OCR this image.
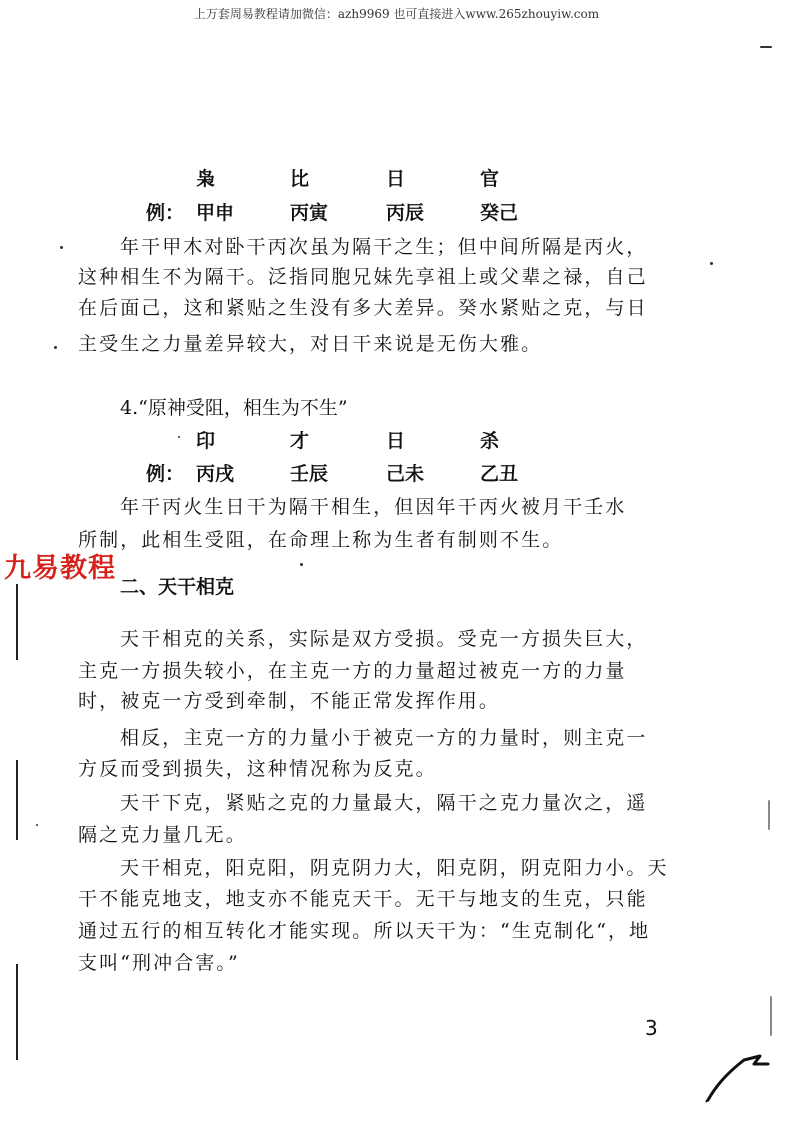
上万套周易教程请加微信：azh9969 也可直接进入www.265zhouyiw.com
枭	比	日	官
例： 甲申	丙寅	丙辰	癸己
年干甲木对卧干丙次虽为隔干之生；但中间所隔是丙火，
这种相生不为隔干。泛指同胞兄妹先享祖上或父辈之禄，自己
在后面己，这和紧贴之生没有多大差异。癸水紧贴之克，与日
主受生之力量差异较大，对日干来说是无伤大雅。
4.“原神受阻，相生为不生”
印	才	日	杀
例： 丙戌	壬辰	己未	乙丑
年干丙火生日干为隔干相生，但因年干丙火被月干壬水
所制，此相生受阻，在命理上称为生者有制则不生。
九易教程
二、天干相克
天干相克的关系，实际是双方受损。受克一方损失巨大，
主克一方损失较小，在主克一方的力量超过被克一方的力量
时，被克一方受到牵制，不能正常发挥作用。
相反，主克一方的力量小于被克一方的力量时，则主克一
方反而受到损失，这种情况称为反克。
天干下克，紧贴之克的力量最大，隔干之克力量次之，遥
隔之克力量几无。
天干相克，阳克阳，阴克阴力大，阳克阴，阴克阳力小。天
干不能克地支，地支亦不能克天干。无干与地支的生克，只能
通过五行的相互转化才能实现。所以天干为：“生克制化“，地
支叫“刑冲合害。”
3
